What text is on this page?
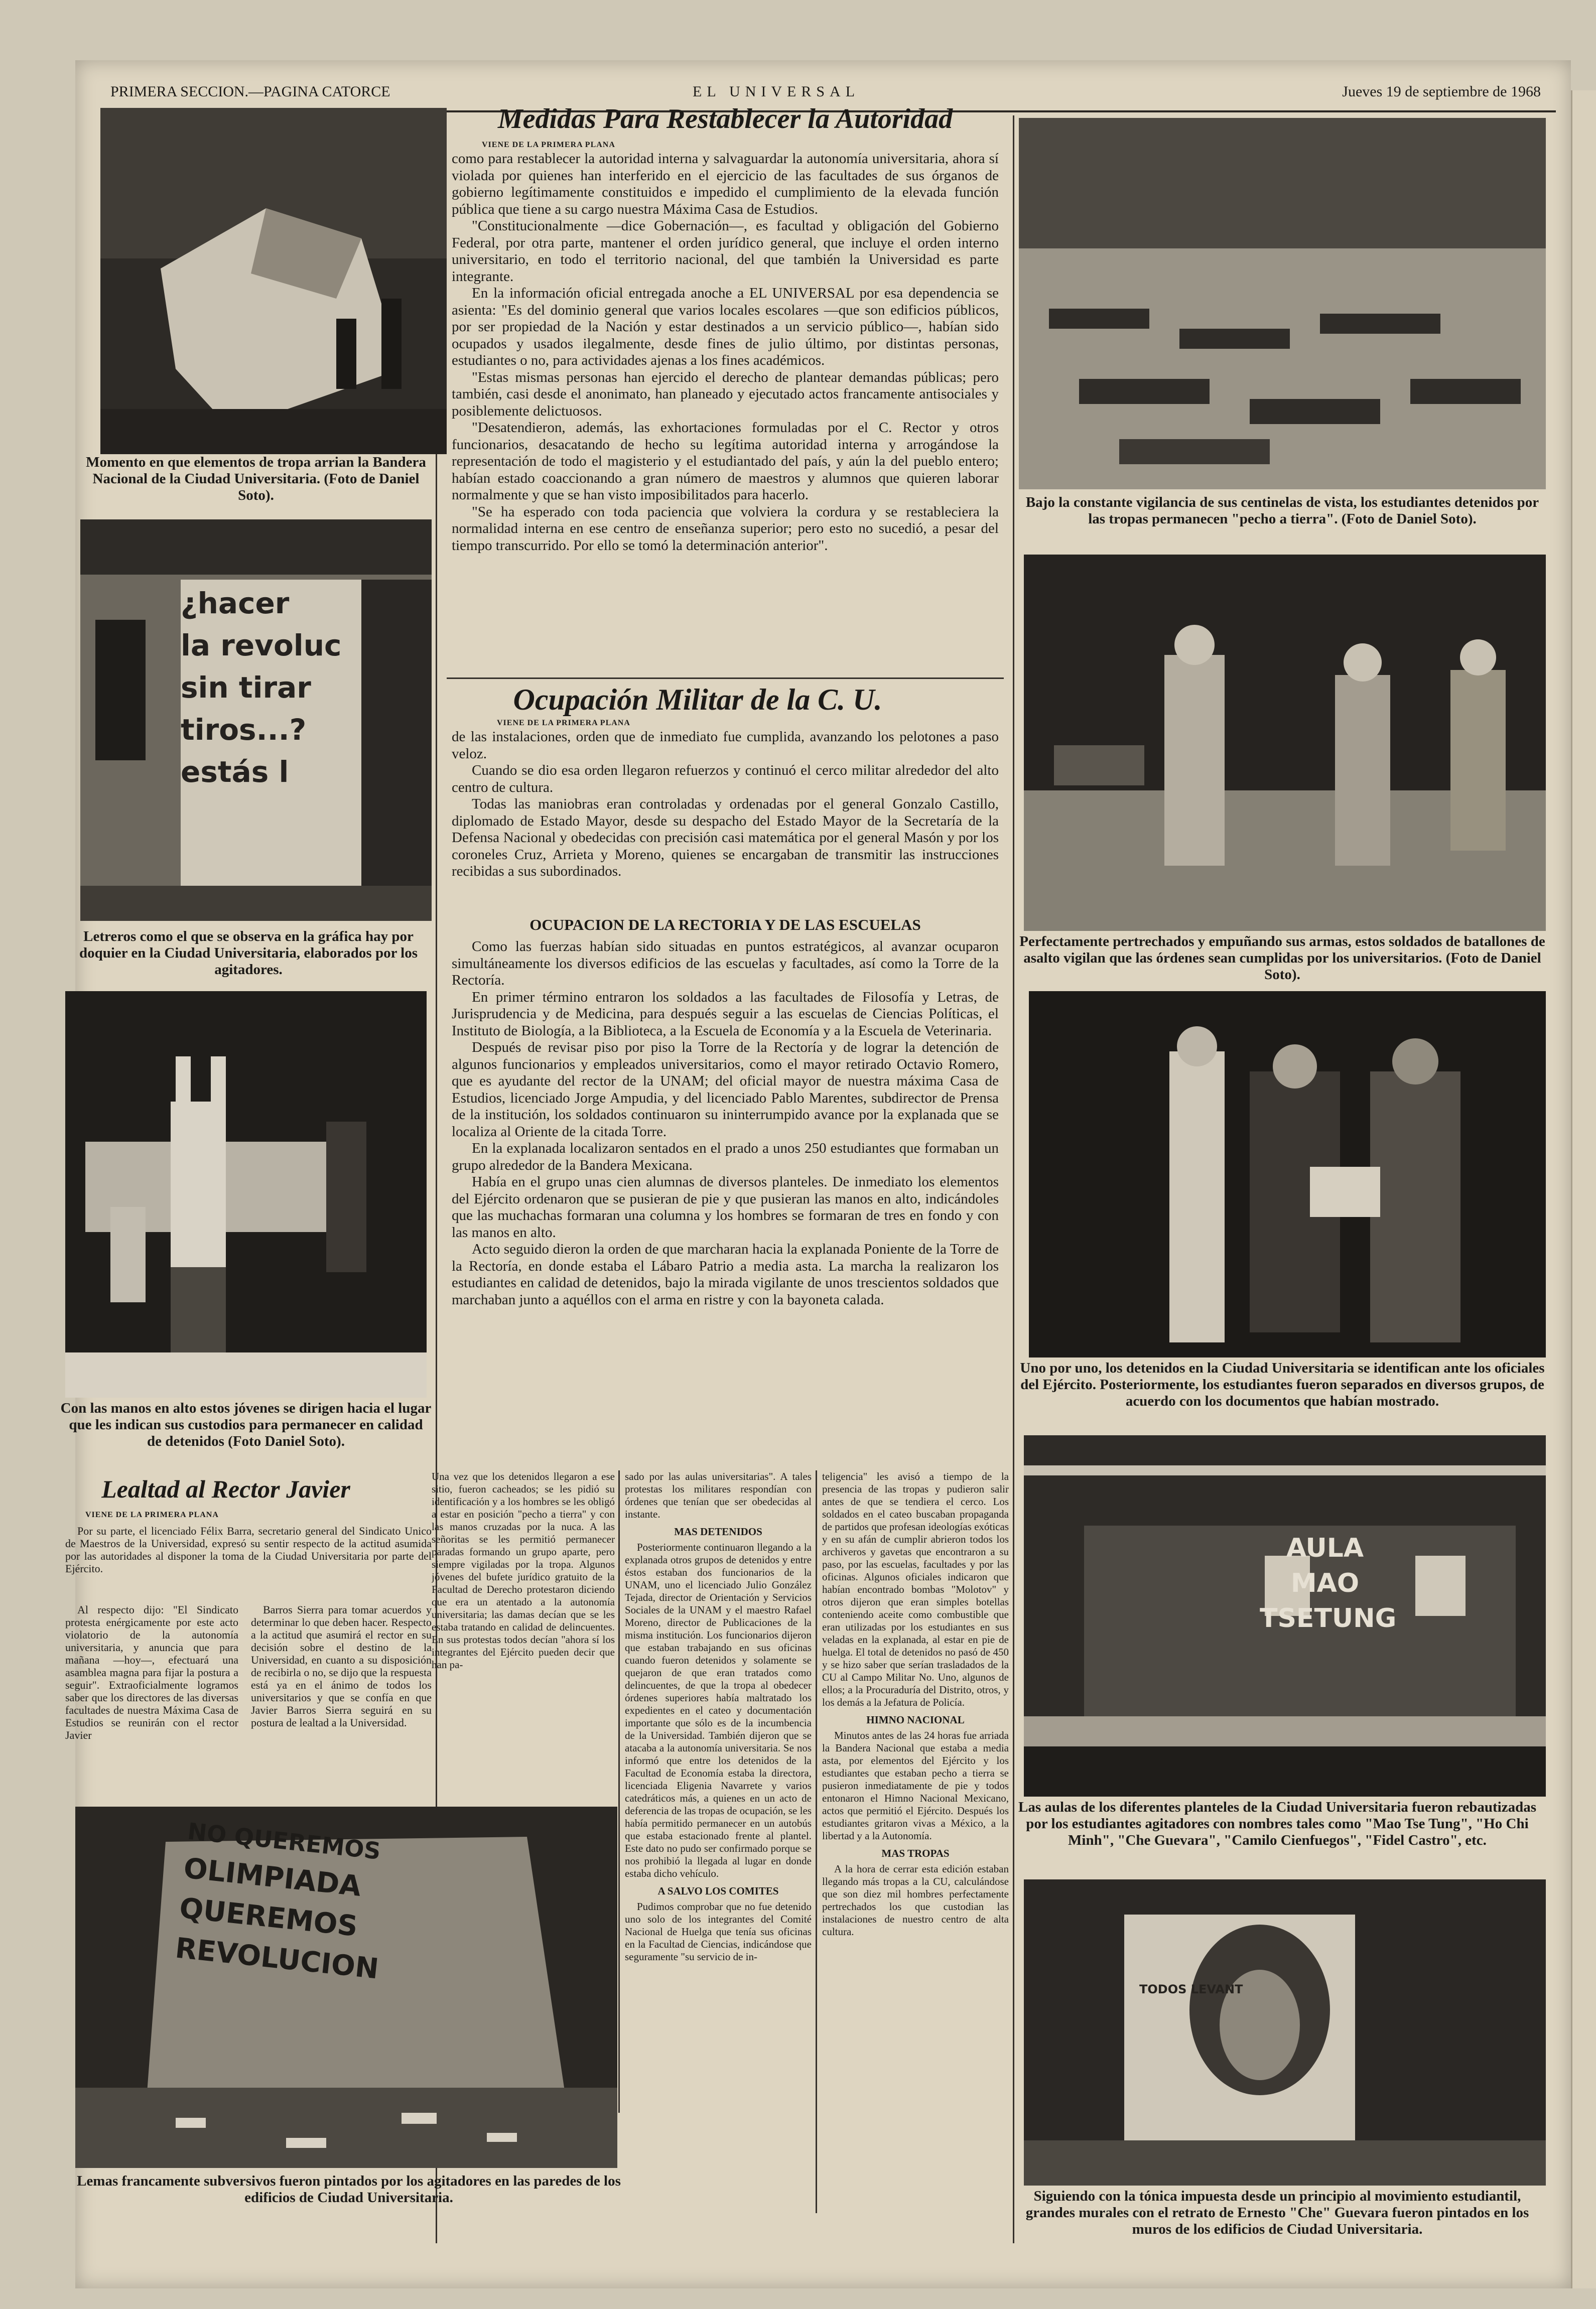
PRIMERA SECCION.—PAGINA CATORCE	EL UNIVERSAL	Jueves 19 de septiembre de 1968
Momento en que elementos de tropa arrian la Bandera Nacional de la Ciudad Universitaria. (Foto de Daniel Soto).
¿hacer
la revoluc
sin tirar
tiros...?
estás l
Letreros como el que se observa en la gráfica hay por doquier en la Ciudad Universitaria, elaborados por los agitadores.
Con las manos en alto estos jóvenes se dirigen hacia el lugar que les indican sus custodios para permanecer en calidad de detenidos (Foto Daniel Soto).
Lealtad al Rector Javier
VIENE DE LA PRIMERA PLANA

Por su parte, el licenciado Félix Barra, secretario general del Sindicato Unico de Maestros de la Universidad, expresó su sentir respecto de la actitud asumida por las autoridades al disponer la toma de la Ciudad Universitaria por parte del Ejército.

Al respecto dijo: "El Sindicato protesta enérgicamente por este acto violatorio de la autonomía universitaria, y anuncia que para mañana —hoy—, efectuará una asamblea magna para fijar la postura a seguir". Extraoficialmente logramos saber que los directores de las diversas facultades de nuestra Máxima Casa de Estudios se reunirán con el rector Javier

Barros Sierra para tomar acuerdos y determinar lo que deben hacer. Respecto a la actitud que asumirá el rector en su decisión sobre el destino de la Universidad, en cuanto a su disposición de recibirla o no, se dijo que la respuesta está ya en el ánimo de todos los universitarios y que se confía en que Javier Barros Sierra seguirá en su postura de lealtad a la Universidad.

NO QUEREMOS
OLIMPIADA
QUEREMOS
REVOLUCION
Lemas francamente subversivos fueron pintados por los agitadores en las paredes de los edificios de Ciudad Universitaria.
Medidas Para Restablecer la Autoridad
VIENE DE LA PRIMERA PLANA

como para restablecer la autoridad interna y salvaguardar la autonomía universitaria, ahora sí violada por quienes han interferido en el ejercicio de las facultades de sus órganos de gobierno legítimamente constituidos e impedido el cumplimiento de la elevada función pública que tiene a su cargo nuestra Máxima Casa de Estudios.

"Constitucionalmente —dice Gobernación—, es facultad y obligación del Gobierno Federal, por otra parte, mantener el orden jurídico general, que incluye el orden interno universitario, en todo el territorio nacional, del que también la Universidad es parte integrante.

En la información oficial entregada anoche a EL UNIVERSAL por esa dependencia se asienta: "Es del dominio general que varios locales escolares —que son edificios públicos, por ser propiedad de la Nación y estar destinados a un servicio público—, habían sido ocupados y usados ilegalmente, desde fines de julio último, por distintas personas, estudiantes o no, para actividades ajenas a los fines académicos.

"Estas mismas personas han ejercido el derecho de plantear demandas públicas; pero también, casi desde el anonimato, han planeado y ejecutado actos francamente antisociales y posiblemente delictuosos.

"Desatendieron, además, las exhortaciones formuladas por el C. Rector y otros funcionarios, desacatando de hecho su legítima autoridad interna y arrogándose la representación de todo el magisterio y el estudiantado del país, y aún la del pueblo entero; habían estado coaccionando a gran número de maestros y alumnos que quieren laborar normalmente y que se han visto imposibilitados para hacerlo.

"Se ha esperado con toda paciencia que volviera la cordura y se restableciera la normalidad interna en ese centro de enseñanza superior; pero esto no sucedió, a pesar del tiempo transcurrido. Por ello se tomó la determinación anterior".

Ocupación Militar de la C. U.
VIENE DE LA PRIMERA PLANA

de las instalaciones, orden que de inmediato fue cumplida, avanzando los pelotones a paso veloz.

Cuando se dio esa orden llegaron refuerzos y continuó el cerco militar alrededor del alto centro de cultura.

Todas las maniobras eran controladas y ordenadas por el general Gonzalo Castillo, diplomado de Estado Mayor, desde su despacho del Estado Mayor de la Secretaría de la Defensa Nacional y obedecidas con precisión casi matemática por el general Masón y por los coroneles Cruz, Arrieta y Moreno, quienes se encargaban de transmitir las instrucciones recibidas a sus subordinados.

OCUPACION DE LA RECTORIA Y DE LAS ESCUELAS

Como las fuerzas habían sido situadas en puntos estratégicos, al avanzar ocuparon simultáneamente los diversos edificios de las escuelas y facultades, así como la Torre de la Rectoría.

En primer término entraron los soldados a las facultades de Filosofía y Letras, de Jurisprudencia y de Medicina, para después seguir a las escuelas de Ciencias Políticas, el Instituto de Biología, a la Biblioteca, a la Escuela de Economía y a la Escuela de Veterinaria.

Después de revisar piso por piso la Torre de la Rectoría y de lograr la detención de algunos funcionarios y empleados universitarios, como el mayor retirado Octavio Romero, que es ayudante del rector de la UNAM; del oficial mayor de nuestra máxima Casa de Estudios, licenciado Jorge Ampudia, y del licenciado Pablo Marentes, subdirector de Prensa de la institución, los soldados continuaron su ininterrumpido avance por la explanada que se localiza al Oriente de la citada Torre.

En la explanada localizaron sentados en el prado a unos 250 estudiantes que formaban un grupo alrededor de la Bandera Mexicana.

Había en el grupo unas cien alumnas de diversos planteles. De inmediato los elementos del Ejército ordenaron que se pusieran de pie y que pusieran las manos en alto, indicándoles que las muchachas formaran una columna y los hombres se formaran de tres en fondo y con las manos en alto.

Acto seguido dieron la orden de que marcharan hacia la explanada Poniente de la Torre de la Rectoría, en donde estaba el Lábaro Patrio a media asta. La marcha la realizaron los estudiantes en calidad de detenidos, bajo la mirada vigilante de unos trescientos soldados que marchaban junto a aquéllos con el arma en ristre y con la bayoneta calada.

Una vez que los detenidos llegaron a ese sitio, fueron cacheados; se les pidió su identificación y a los hombres se les obligó a estar en posición "pecho a tierra" y con las manos cruzadas por la nuca. A las señoritas se les permitió permanecer paradas formando un grupo aparte, pero siempre vigiladas por la tropa. Algunos jóvenes del bufete jurídico gratuito de la Facultad de Derecho protestaron diciendo que era un atentado a la autonomía universitaria; las damas decían que se les estaba tratando en calidad de delincuentes. En sus protestas todos decían "ahora sí los integrantes del Ejército pueden decir que han pa-

sado por las aulas universitarias". A tales protestas los militares respondían con órdenes que tenían que ser obedecidas al instante.

MAS DETENIDOS

Posteriormente continuaron llegando a la explanada otros grupos de detenidos y entre éstos estaban dos funcionarios de la UNAM, uno el licenciado Julio González Tejada, director de Orientación y Servicios Sociales de la UNAM y el maestro Rafael Moreno, director de Publicaciones de la misma institución. Los funcionarios dijeron que estaban trabajando en sus oficinas cuando fueron detenidos y solamente se quejaron de que eran tratados como delincuentes, de que la tropa al obedecer órdenes superiores había maltratado los expedientes en el cateo y documentación importante que sólo es de la incumbencia de la Universidad. También dijeron que se atacaba a la autonomía universitaria. Se nos informó que entre los detenidos de la Facultad de Economía estaba la directora, licenciada Eligenia Navarrete y varios catedráticos más, a quienes en un acto de deferencia de las tropas de ocupación, se les había permitido permanecer en un autobús que estaba estacionado frente al plantel. Este dato no pudo ser confirmado porque se nos prohibió la llegada al lugar en donde estaba dicho vehículo.

A SALVO LOS COMITES

Pudimos comprobar que no fue detenido uno solo de los integrantes del Comité Nacional de Huelga que tenía sus oficinas en la Facultad de Ciencias, indicándose que seguramente "su servicio de in-

teligencia" les avisó a tiempo de la presencia de las tropas y pudieron salir antes de que se tendiera el cerco. Los soldados en el cateo buscaban propaganda de partidos que profesan ideologías exóticas y en su afán de cumplir abrieron todos los archiveros y gavetas que encontraron a su paso, por las escuelas, facultades y por las oficinas. Algunos oficiales indicaron que habían encontrado bombas "Molotov" y otros dijeron que eran simples botellas conteniendo aceite como combustible que eran utilizadas por los estudiantes en sus veladas en la explanada, al estar en pie de huelga. El total de detenidos no pasó de 450 y se hizo saber que serían trasladados de la CU al Campo Militar No. Uno, algunos de ellos; a la Procuraduría del Distrito, otros, y los demás a la Jefatura de Policía.

HIMNO NACIONAL

Minutos antes de las 24 horas fue arriada la Bandera Nacional que estaba a media asta, por elementos del Ejército y los estudiantes que estaban pecho a tierra se pusieron inmediatamente de pie y todos entonaron el Himno Nacional Mexicano, actos que permitió el Ejército. Después los estudiantes gritaron vivas a México, a la libertad y a la Autonomía.

MAS TROPAS

A la hora de cerrar esta edición estaban llegando más tropas a la CU, calculándose que son diez mil hombres perfectamente pertrechados los que custodian las instalaciones de nuestro centro de alta cultura.

Bajo la constante vigilancia de sus centinelas de vista, los estudiantes detenidos por las tropas permanecen "pecho a tierra". (Foto de Daniel Soto).
Perfectamente pertrechados y empuñando sus armas, estos soldados de batallones de asalto vigilan que las órdenes sean cumplidas por los universitarios. (Foto de Daniel Soto).
Uno por uno, los detenidos en la Ciudad Universitaria se identifican ante los oficiales del Ejército. Posteriormente, los estudiantes fueron separados en diversos grupos, de acuerdo con los documentos que habían mostrado.
AULA
MAO
TSETUNG
Las aulas de los diferentes planteles de la Ciudad Universitaria fueron rebautizadas por los estudiantes agitadores con nombres tales como "Mao Tse Tung", "Ho Chi Minh", "Che Guevara", "Camilo Cienfuegos", "Fidel Castro", etc.
TODOS LEVANT
Siguiendo con la tónica impuesta desde un principio al movimiento estudiantil, grandes murales con el retrato de Ernesto "Che" Guevara fueron pintados en los muros de los edificios de Ciudad Universitaria.
